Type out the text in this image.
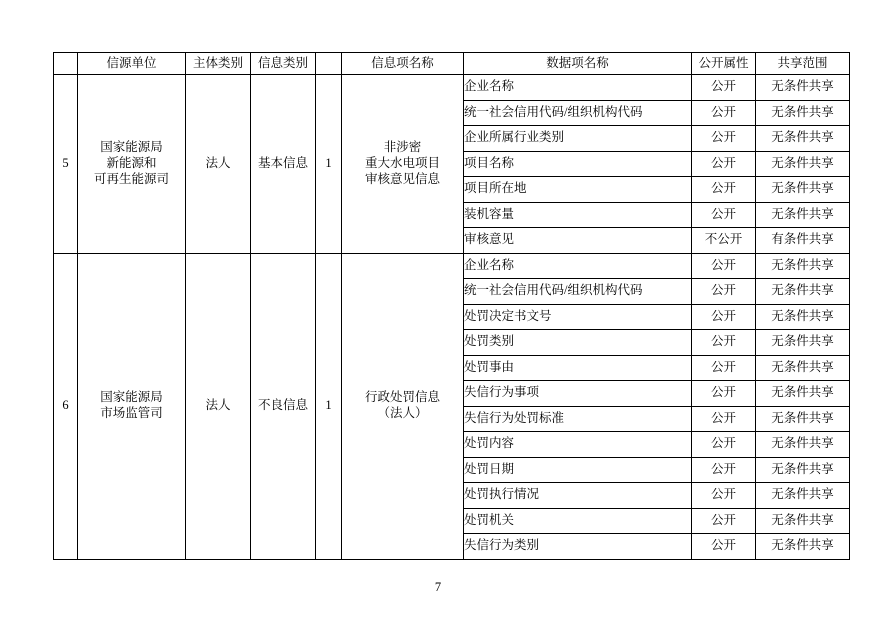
	信源单位	主体类别	信息类别		信息项名称	数据项名称	公开属性	共享范围
5	国家能源局
新能源和
可再生能源司	法人	基本信息	1	非涉密
重大水电项目
审核意见信息	企业名称	公开	无条件共享
						统一社会信用代码/组织机构代码	公开	无条件共享
						企业所属行业类别	公开	无条件共享
						项目名称	公开	无条件共享
						项目所在地	公开	无条件共享
						装机容量	公开	无条件共享
						审核意见	不公开	有条件共享
6	国家能源局
市场监管司	法人	不良信息	1	行政处罚信息
（法人）	企业名称	公开	无条件共享
						统一社会信用代码/组织机构代码	公开	无条件共享
						处罚决定书文号	公开	无条件共享
						处罚类别	公开	无条件共享
						处罚事由	公开	无条件共享
						失信行为事项	公开	无条件共享
						失信行为处罚标准	公开	无条件共享
						处罚内容	公开	无条件共享
						处罚日期	公开	无条件共享
						处罚执行情况	公开	无条件共享
						处罚机关	公开	无条件共享
						失信行为类别	公开	无条件共享
7
